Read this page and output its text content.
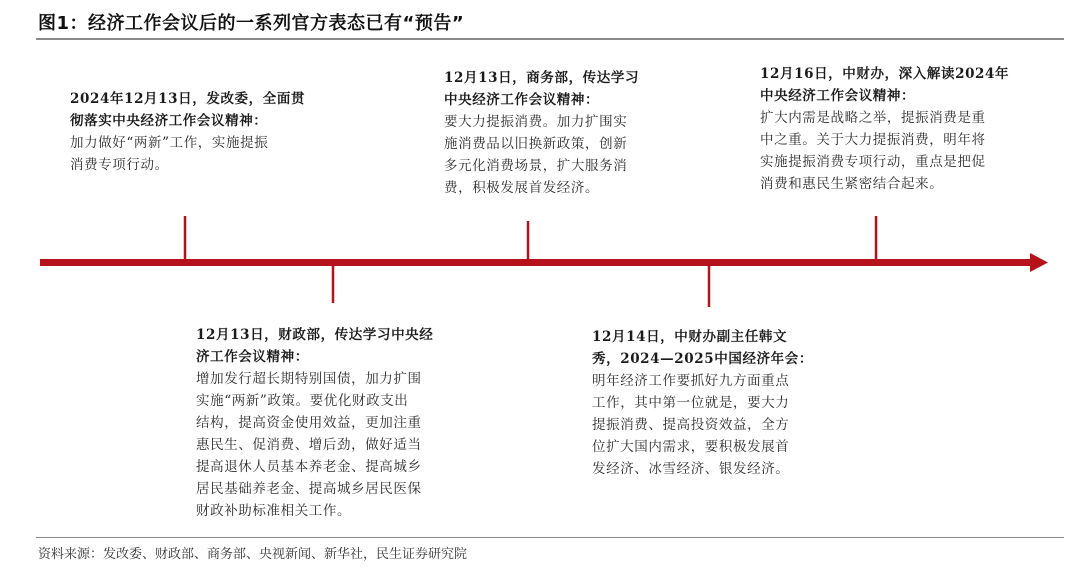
图1：经济工作会议后的一系列官方表态已有“预告”

2024年12月13日，发改委，全面贯

彻落实中央经济工作会议精神：

加力做好“两新”工作，实施提振

消费专项行动。

12月13日，财政部，传达学习中央经

济工作会议精神：

增加发行超长期特别国债，加力扩围

实施“两新”政策。要优化财政支出

结构，提高资金使用效益，更加注重

惠民生、促消费、增后劲，做好适当

提高退休人员基本养老金、提高城乡

居民基础养老金、提高城乡居民医保

财政补助标准相关工作。

12月13日，商务部，传达学习

中央经济工作会议精神：

要大力提振消费。加力扩围实

施消费品以旧换新政策，创新

多元化消费场景，扩大服务消

费，积极发展首发经济。

12月14日，中财办副主任韩文

秀，2024—2025中国经济年会：

明年经济工作要抓好九方面重点

工作，其中第一位就是，要大力

提振消费、提高投资效益，全方

位扩大国内需求，要积极发展首

发经济、冰雪经济、银发经济。

12月16日，中财办，深入解读2024年

中央经济工作会议精神：

扩大内需是战略之举，提振消费是重

中之重。关于大力提振消费，明年将

实施提振消费专项行动，重点是把促

消费和惠民生紧密结合起来。

资料来源：发改委、财政部、商务部、央视新闻、新华社，民生证券研究院
